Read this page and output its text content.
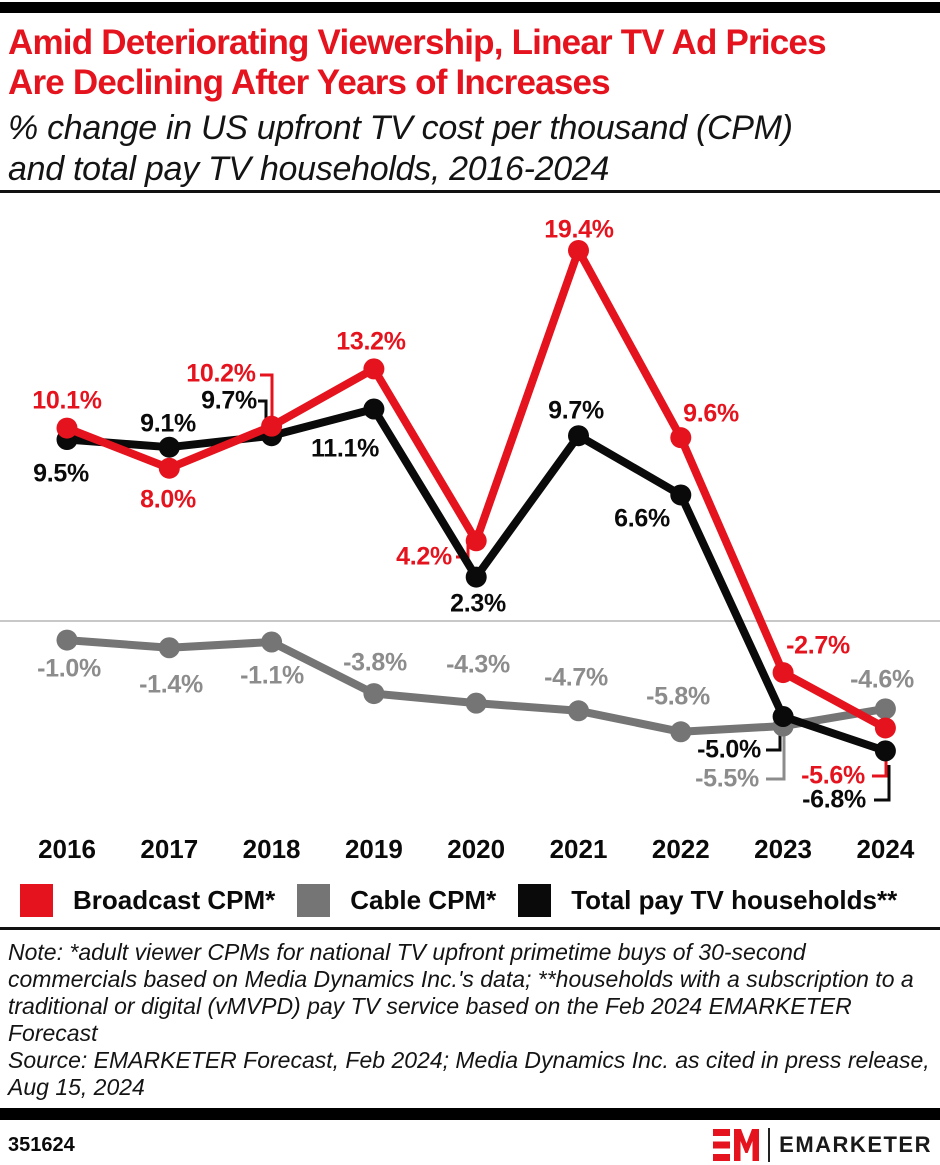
Amid Deteriorating Viewership, Linear TV Ad Prices
Are Declining After Years of Increases
% change in US upfront TV cost per thousand (CPM)
and total pay TV households, 2016-2024
10.1%
8.0%
10.2%
13.2%
4.2%
19.4%
9.6%
-2.7%
-5.6%
-1.0%
-1.4% -1.1% -3.8% -4.3% -4.7%
-5.8%
-5.5%
-4.6%
9.5%
9.1%
9.7%
11.1%
2.3%
9.7%
6.6%
-5.0%
-6.8%
2016 2017 2018 2019 2020 2021 2022 2023 2024
Broadcast CPM*	Cable CPM*	Total pay TV households**

Note: *adult viewer CPMs for national TV upfront primetime buys of 30-second commercials based on Media Dynamics Inc.'s data; **households with a subscription to a traditional or digital (vMVPD) pay TV service based on the Feb 2024 EMARKETER Forecast

Source: EMARKETER Forecast, Feb 2024; Media Dynamics Inc. as cited in press release, Aug 15, 2024

351624	EMARKETER
